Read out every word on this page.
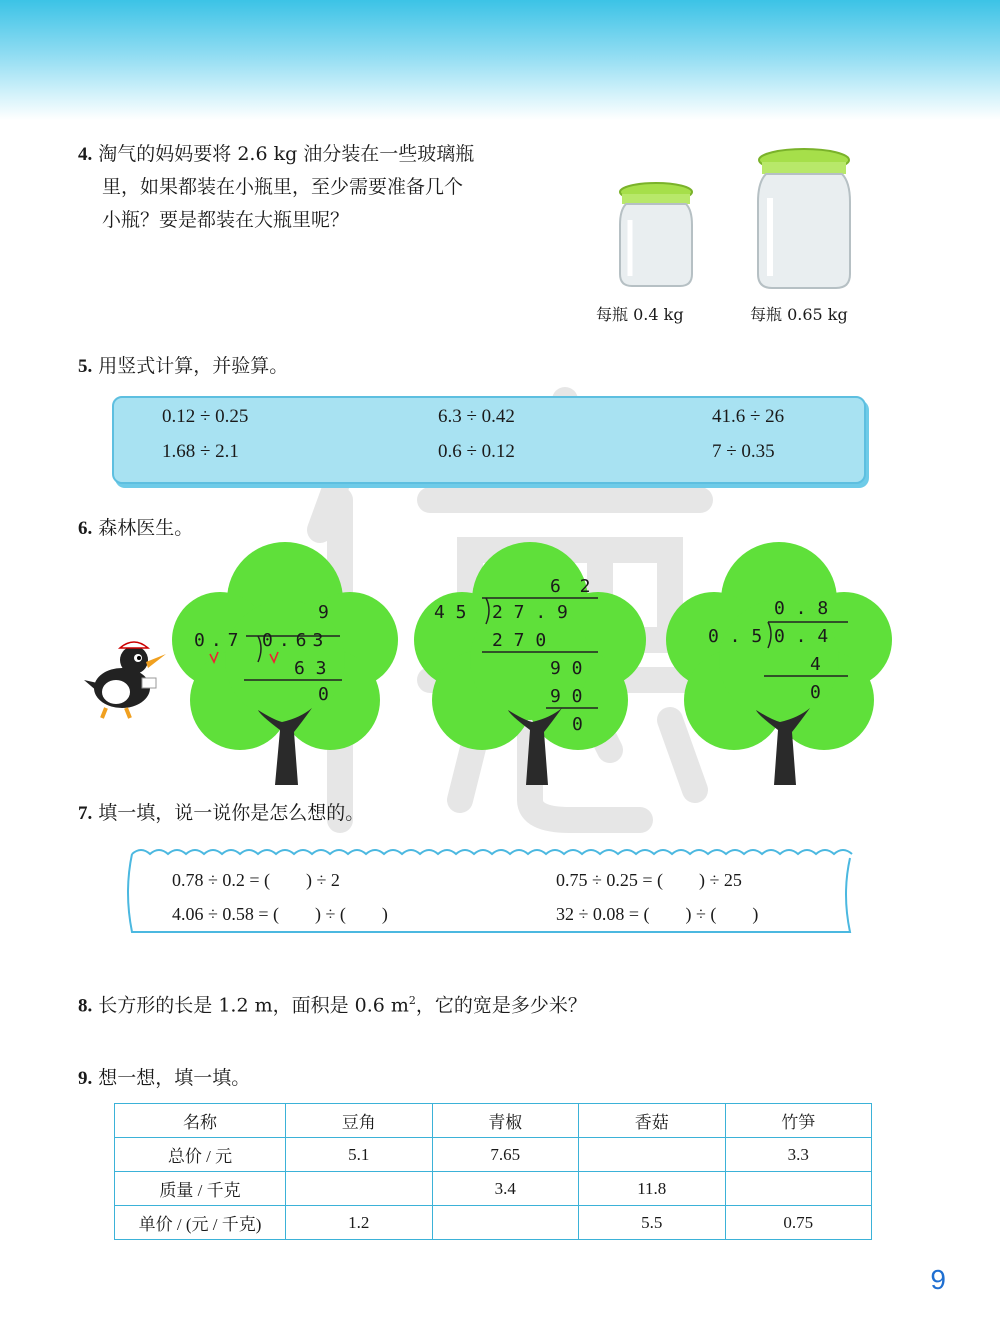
4. 淘气的妈妈要将 2.6 kg 油分装在一些玻璃瓶
里，如果都装在小瓶里，至少需要准备几个
小瓶？要是都装在大瓶里呢？
每瓶 0.4 kg	每瓶 0.65 kg
5. 用竖式计算，并验算。
0.12 ÷ 0.25	6.3 ÷ 0.42	41.6 ÷ 26
1.68 ÷ 2.1	0.6 ÷ 0.12	7 ÷ 0.35
6. 森林医生。
9
0.7 0.63
6 3
0
6 2
4 5 2 7 . 9
2 7 0
9 0
9 0
0
0 . 8
0 . 5 0 . 4
4
0
7. 填一填，说一说你是怎么想的。
0.78 ÷ 0.2 = (　　) ÷ 2	0.75 ÷ 0.25 = (　　) ÷ 25
4.06 ÷ 0.58 = (　　) ÷ (　　)	32 ÷ 0.08 = (　　) ÷ (　　)
8. 长方形的长是 1.2 m，面积是 0.6 $m^2$，它的宽是多少米？
9. 想一想，填一填。
名称	豆角	青椒	香菇	竹笋
总价 / 元	5.1	7.65		3.3
质量 / 千克		3.4	11.8	
单价 / (元 / 千克)	1.2		5.5	0.75
9
